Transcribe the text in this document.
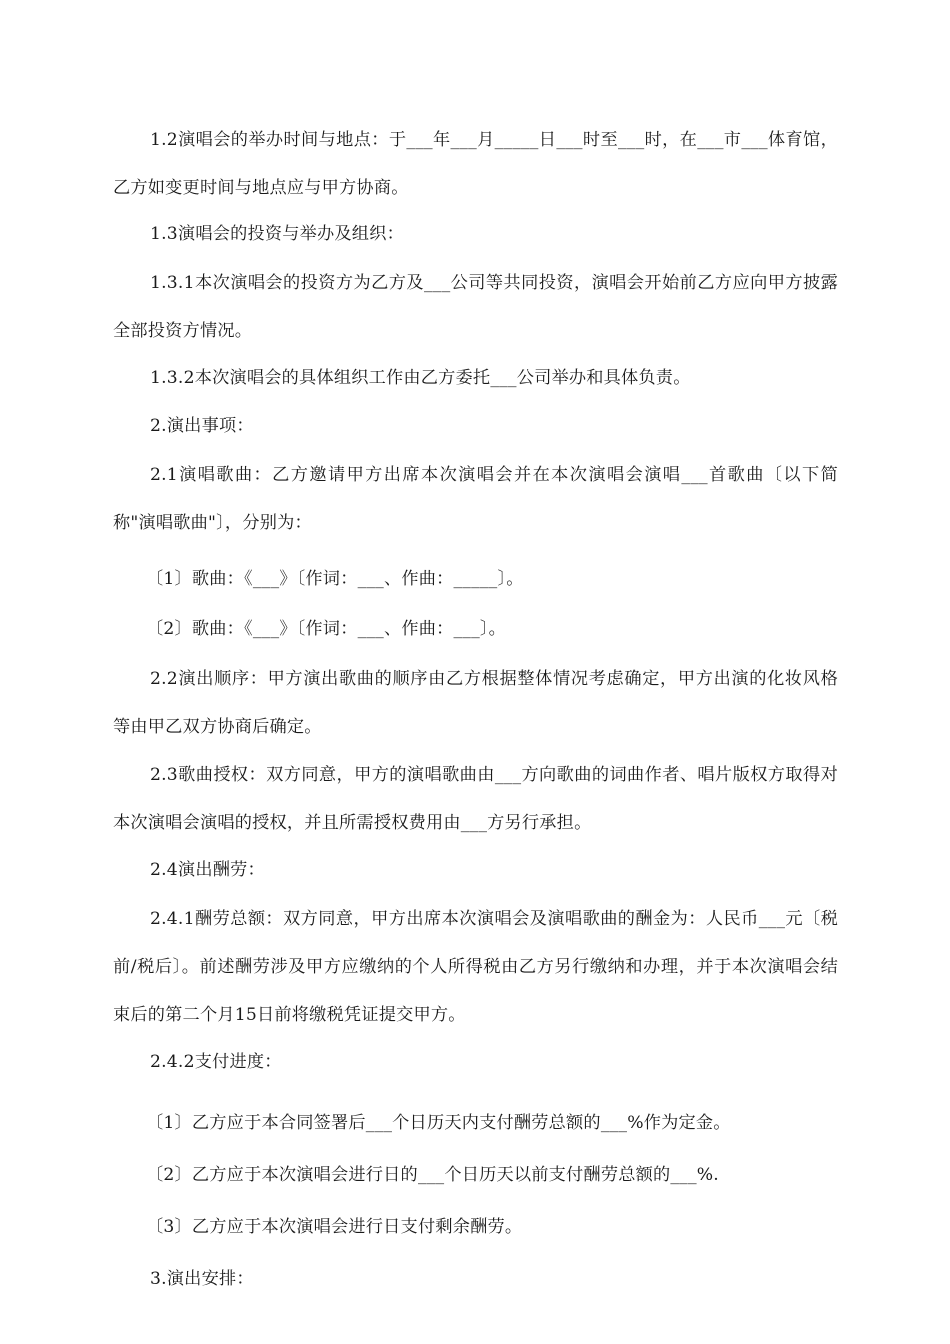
1.2演唱会的举办时间与地点：于___年___月_____日___时至___时，在___市___体育馆，乙方如变更时间与地点应与甲方协商。

1.3演唱会的投资与举办及组织：

1.3.1本次演唱会的投资方为乙方及___公司等共同投资，演唱会开始前乙方应向甲方披露全部投资方情况。

1.3.2本次演唱会的具体组织工作由乙方委托___公司举办和具体负责。

2.演出事项：

2.1演唱歌曲：乙方邀请甲方出席本次演唱会并在本次演唱会演唱___首歌曲〔以下简称"演唱歌曲"〕，分别为：

〔1〕歌曲：《___》〔作词：___、作曲：_____〕。

〔2〕歌曲：《___》〔作词：___、作曲：___〕。

2.2演出顺序：甲方演出歌曲的顺序由乙方根据整体情况考虑确定，甲方出演的化妆风格等由甲乙双方协商后确定。

2.3歌曲授权：双方同意，甲方的演唱歌曲由___方向歌曲的词曲作者、唱片版权方取得对本次演唱会演唱的授权，并且所需授权费用由___方另行承担。

2.4演出酬劳：

2.4.1酬劳总额：双方同意，甲方出席本次演唱会及演唱歌曲的酬金为：人民币___元〔税前/税后〕。前述酬劳涉及甲方应缴纳的个人所得税由乙方另行缴纳和办理，并于本次演唱会结束后的第二个月15日前将缴税凭证提交甲方。

2.4.2支付进度：

〔1〕乙方应于本合同签署后___个日历天内支付酬劳总额的___%作为定金。

〔2〕乙方应于本次演唱会进行日的___个日历天以前支付酬劳总额的___%.

〔3〕乙方应于本次演唱会进行日支付剩余酬劳。

3.演出安排：
